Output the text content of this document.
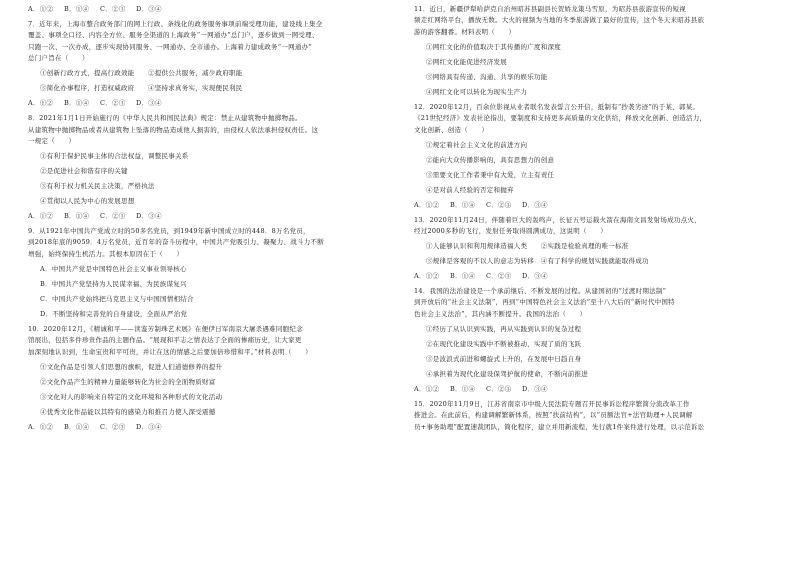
A．①② B．①④ C．②③ D．③④
7．近年来，上海市整合政务部门的网上行政、条线化的政务服务事项前端受理功能，建设线上集全
覆盖、事项全口径、内容全方位、服务全渠道的上海政务“一网通办”总门户，逐步做到一网受理、
只跑一次、一次办成，逐步实现协同服务、一网通办、全市通办。上海着力建成政务“一网通办”
总门户旨在（　　）
①创新行政方式，提高行政效能　　②提供公共服务，减少政府职能
③简化办事程序，打造权威政府　　④坚持求真务实，实现便民利民
A．①② B．①④ C．②③ D．③④
8．2021年1月1日开始施行的《中华人民共和国民法典》规定：禁止从建筑物中抛掷物品。
从建筑物中抛掷物品或者从建筑物上坠落的物品造成他人损害的，由侵权人依法承担侵权责任。这
一规定（　　）
①有利于保护民事主体的合法权益，调整民事关系
②是促进社会和谐有序的关键
③有利于权力机关民主决策，严格执法
④贯彻以人民为中心的发展思想
A．①② B．①④ C．②③ D．③④
9．从1921年中国共产党成立时的50多名党员，到1949年新中国成立时的448．8万名党员，
到2018年底的9059．4万名党员，近百年的奋斗历程中，中国共产党吸引力、凝聚力、战斗力不断
增强，始终保持生机活力。其根本原因在于（　　）
A．中国共产党是中国特色社会主义事业领导核心
B．中国共产党坚持为人民谋幸福、为民族谋复兴
C．中国共产党始终把马克思主义与中国国情相结合
D．不断坚持和完善党的自身建设，全面从严治党
10．2020年12月，《精诚和平——读鉴芳制珠艺术展》在便伊日军南京大屠杀遇难同胞纪念
馆展出，包括多件珍贵作品的主题作品。“展现和平志之情表达了全面的惨痛历史，让大家更
加深刻地认识到，生命宝贵和平可贵，并让在这的情感之后要加倍珍惜和平。”材料表明（　　）
①文化作品是引领人们思想的旗帜，促进人们道德修养的提升
②文化作品产生的精神力量能够转化为社会的全面物质财富
③文化对人的影响来自特定的文化环境和各种形式的文化活动
④优秀文化作品能以其特有的感染力和推召力使人深受震撼
A．①② B．①④ C．②③ D．③④
11．近日，新疆伊犁哈萨克自治州昭苏县副县长贺娇龙策马雪原，为昭苏县旅游宣传的短视
频走红网络平台，播放无数。大火的视频为当地的冬季旅游做了最好的宣传，这个冬天来昭苏县旅
游的游客翻番。材料表明（　　）
①网红文化的价值取决于其传播的广度和深度
②网红文化能促进经济发展
③网络具有传递、沟通、共享的娱乐功能
④网红文化可以转化为现实生产力
12．2020年12月，百余位影视从业者联名发表誓言公开信，抵制有“抄袭劣迹”的于某、郭某。
《21世纪经济》发表社论指出，要制度和支持更多高质量的文化供给，释放文化创新、创造活力，
文化创新、创造（　　）
①规定着社会主义文化的前进方向
②能向大众传播影响的，具有思想力的创意
③需要文化工作者秉中有大爱，立主有责任
④是对前人经验的否定和抛弃
A．①② B．①④ C．②③ D．③④
13．2020年11月24日，伴随着巨大的轰鸣声，长征五号运载火箭在海南文昌发射场成功点火，
经过2000多秒的飞行，发射任务取得圆满成功，这说明（　　）
①人能够认识和利用规律造福人类　　②实践是检验真理的唯一标准
③规律是客观的不以人的意志为转移　④有了科学的规划实践就能取得成功
A．①② B．①④ C．②③ D．③④
14．我国的法治建设是一个承前继后、不断发展的过程。从建国初的“过渡时期法制”
到开放后的“社会主义法制”，再到“中国特色社会主义法治”至十八大后的“新时代中国特
色社会主义法治”，其内涵不断提升。我国的法治（　　）
①经历了从认识到实践，再从实践到认识的复杂过程
②在现代化建设实践中不断被推动，实现了质的飞跃
③是波浪式前进和螺旋式上升的，在发展中日趋自身
④承担着为现代化建设保驾护航的使命，不断向前推进
A．①② B．①④ C．②③ D．③④
15．2020年11月9日，江苏省南京市中级人民法院专题召开民事诉讼程序繁简分流改革工作
推进会。在此前后，构建调解繁新体系，按照“扶前结构”，以“员额法官+法官助理+人民调解
员+事务助理”配置速裁团队，简化程序，建立并用新流程，先行就1件案件进行处理，以示范诉讼
